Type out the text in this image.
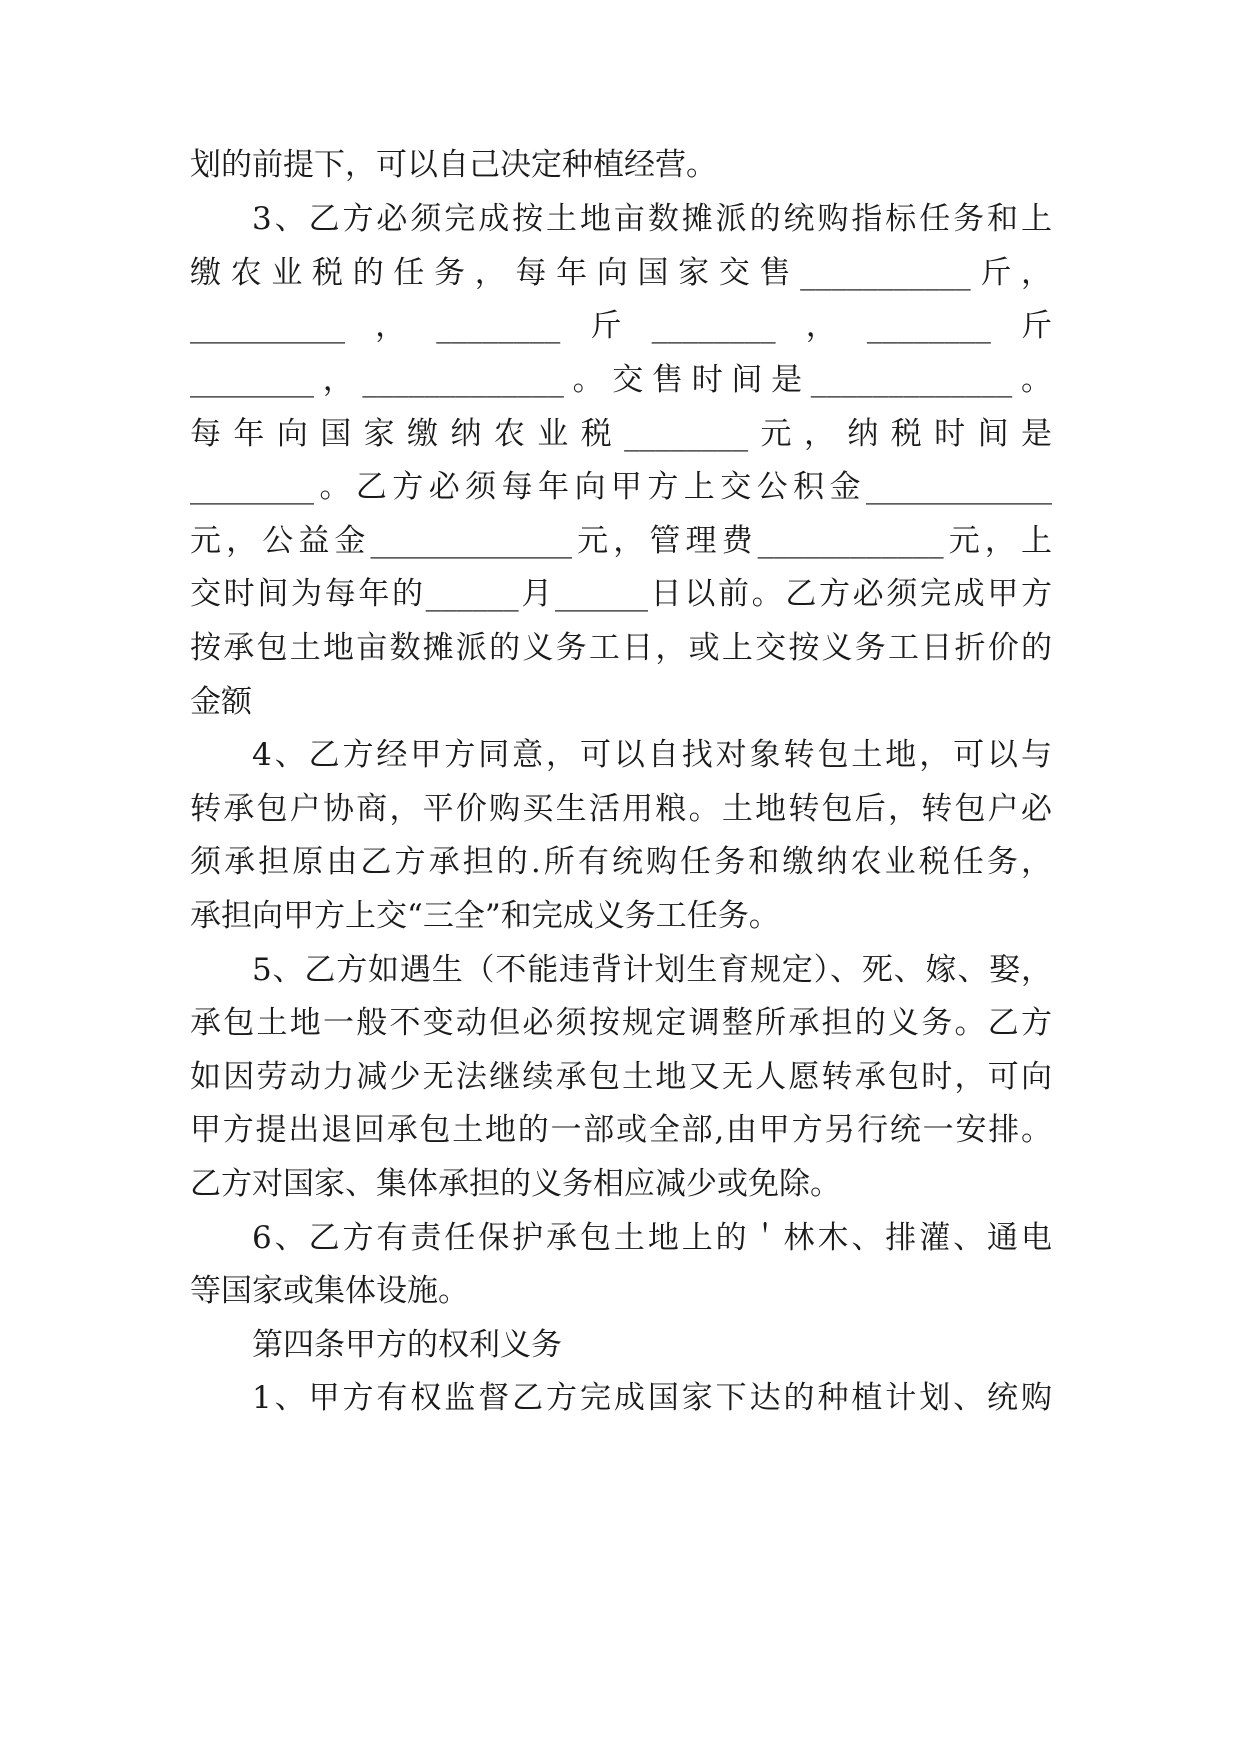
划的前提下，可以自己决定种植经营。
3、乙方必须完成按土地亩数摊派的统购指标任务和上
缴农业税的任务，每年向国家交售___________斤，
__________，________斤________，________斤
________，_____________。交售时间是_____________。
每年向国家缴纳农业税________元，纳税时间是
________。乙方必须每年向甲方上交公积金____________
元，公益金_____________元，管理费____________元，上
交时间为每年的______月______日以前。乙方必须完成甲方
按承包土地亩数摊派的义务工日，或上交按义务工日折价的
金额
4、乙方经甲方同意，可以自找对象转包土地，可以与
转承包户协商，平价购买生活用粮。土地转包后，转包户必
须承担原由乙方承担的.所有统购任务和缴纳农业税任务，
承担向甲方上交“三全”和完成义务工任务。
5、乙方如遇生（不能违背计划生育规定）、死、嫁、娶，
承包土地一般不变动但必须按规定调整所承担的义务。乙方
如因劳动力减少无法继续承包土地又无人愿转承包时，可向
甲方提出退回承包土地的一部或全部,由甲方另行统一安排。
乙方对国家、集体承担的义务相应减少或免除。
6、乙方有责任保护承包土地上的＇林木、排灌、通电
等国家或集体设施。
第四条甲方的权利义务
1、甲方有权监督乙方完成国家下达的种植计划、统购
